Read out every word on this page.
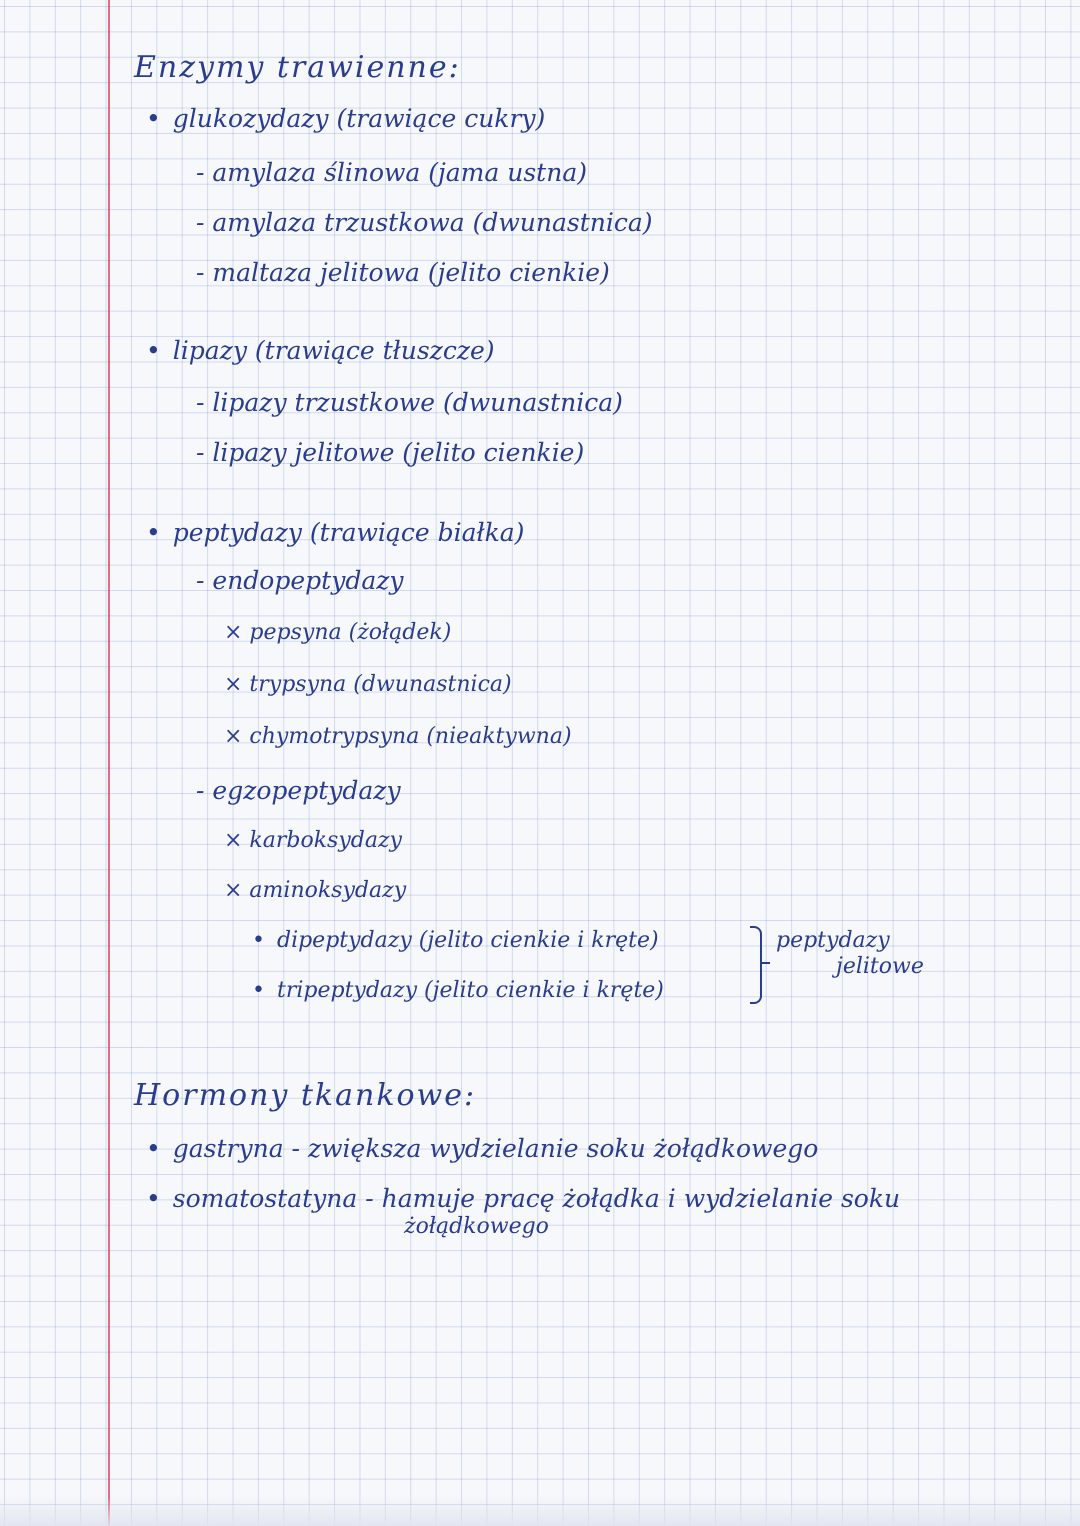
Enzymy trawienne:
• glukozydazy (trawiące cukry)
- amylaza ślinowa (jama ustna)
- amylaza trzustkowa (dwunastnica)
- maltaza jelitowa (jelito cienkie)
• lipazy (trawiące tłuszcze)
- lipazy trzustkowe (dwunastnica)
- lipazy jelitowe (jelito cienkie)
• peptydazy (trawiące białka)
- endopeptydazy
× pepsyna (żołądek)
× trypsyna (dwunastnica)
× chymotrypsyna (nieaktywna)
- egzopeptydazy
× karboksydazy
× aminoksydazy
• dipeptydazy (jelito cienkie i kręte)
• tripeptydazy (jelito cienkie i kręte)
peptydazy
jelitowe
Hormony tkankowe:
• gastryna - zwiększa wydzielanie soku żołądkowego
• somatostatyna - hamuje pracę żołądka i wydzielanie soku
żołądkowego
